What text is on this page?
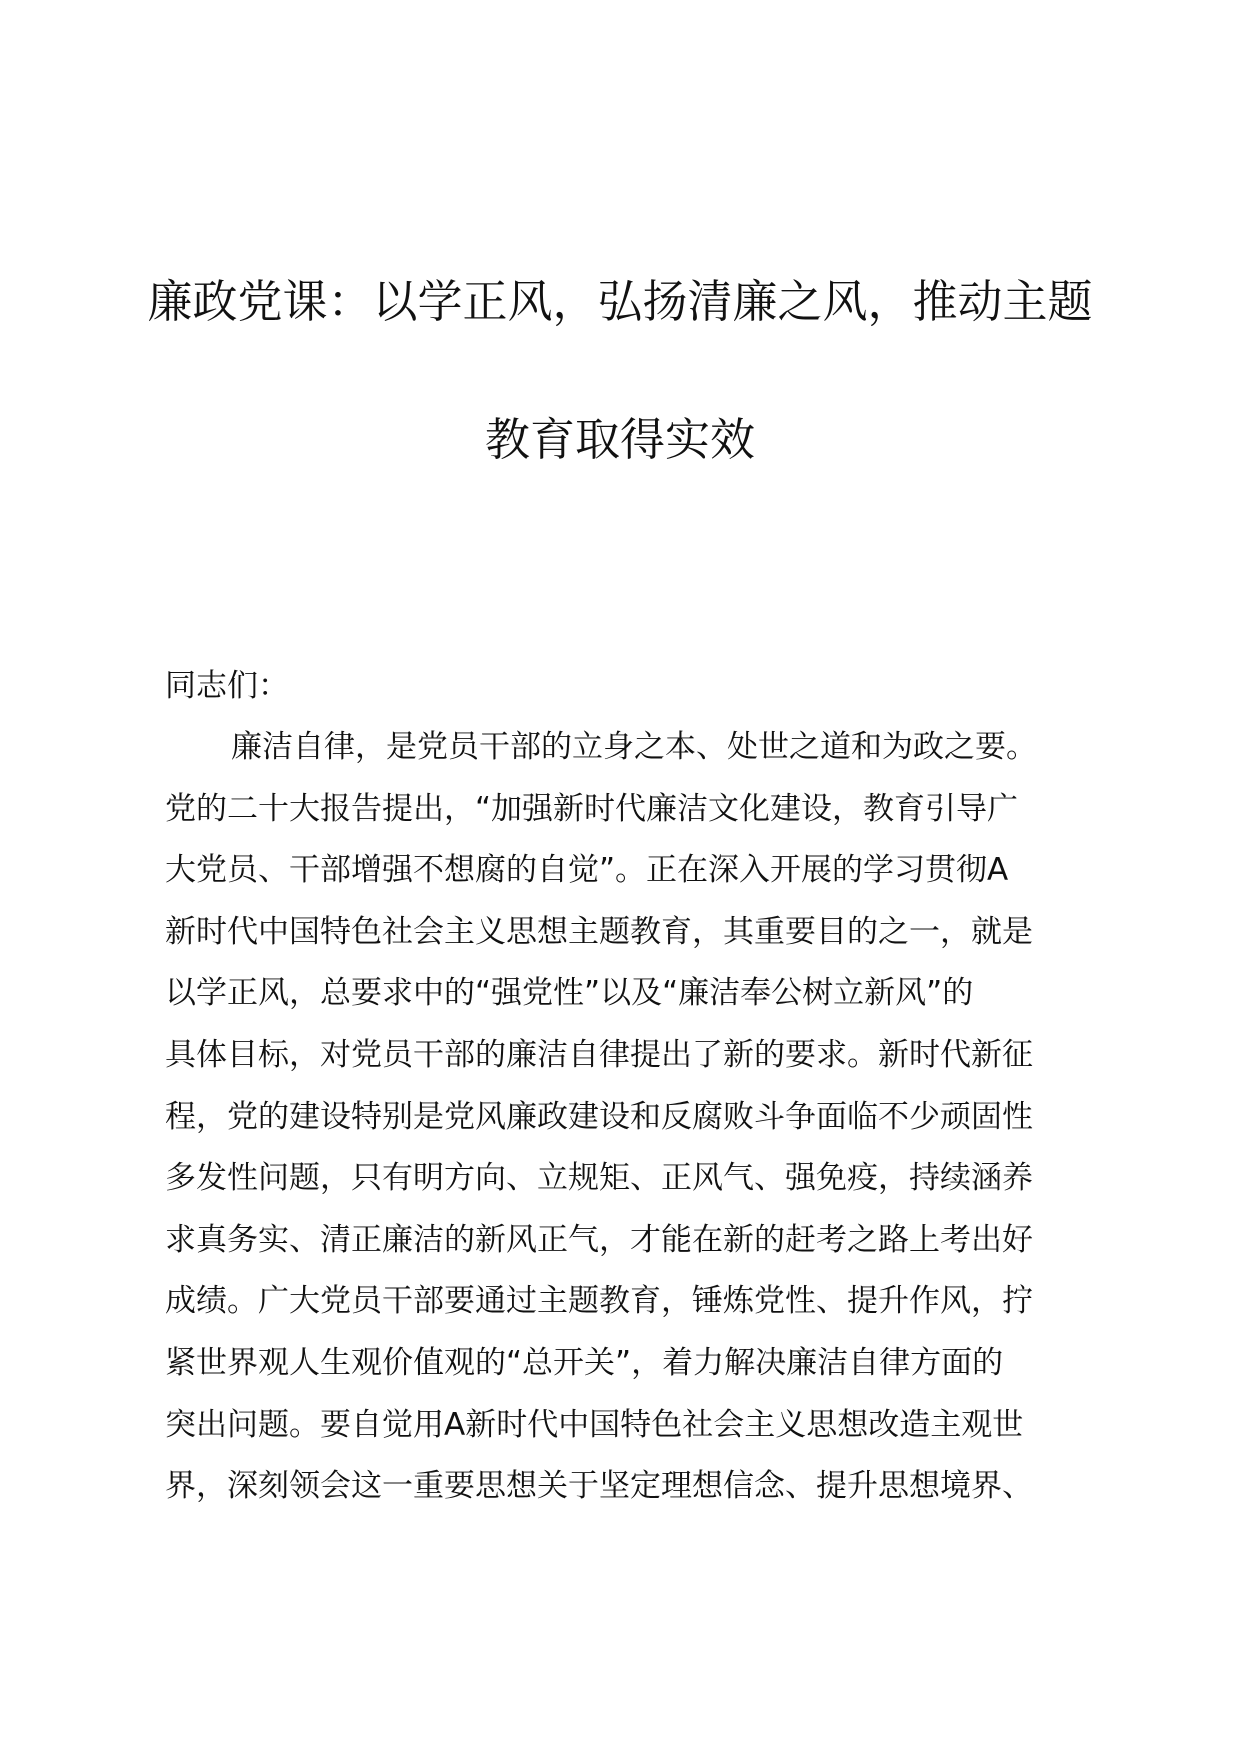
廉政党课：以学正风，弘扬清廉之风，推动主题
教育取得实效
同志们：
廉洁自律，是党员干部的立身之本、处世之道和为政之要。
党的二十大报告提出，“加强新时代廉洁文化建设，教育引导广
大党员、干部增强不想腐的自觉”。正在深入开展的学习贯彻A
新时代中国特色社会主义思想主题教育，其重要目的之一，就是
以学正风，总要求中的“强党性”以及“廉洁奉公树立新风”的
具体目标，对党员干部的廉洁自律提出了新的要求。新时代新征
程，党的建设特别是党风廉政建设和反腐败斗争面临不少顽固性
多发性问题，只有明方向、立规矩、正风气、强免疫，持续涵养
求真务实、清正廉洁的新风正气，才能在新的赶考之路上考出好
成绩。广大党员干部要通过主题教育，锤炼党性、提升作风，拧
紧世界观人生观价值观的“总开关”，着力解决廉洁自律方面的
突出问题。要自觉用A新时代中国特色社会主义思想改造主观世
界，深刻领会这一重要思想关于坚定理想信念、提升思想境界、
